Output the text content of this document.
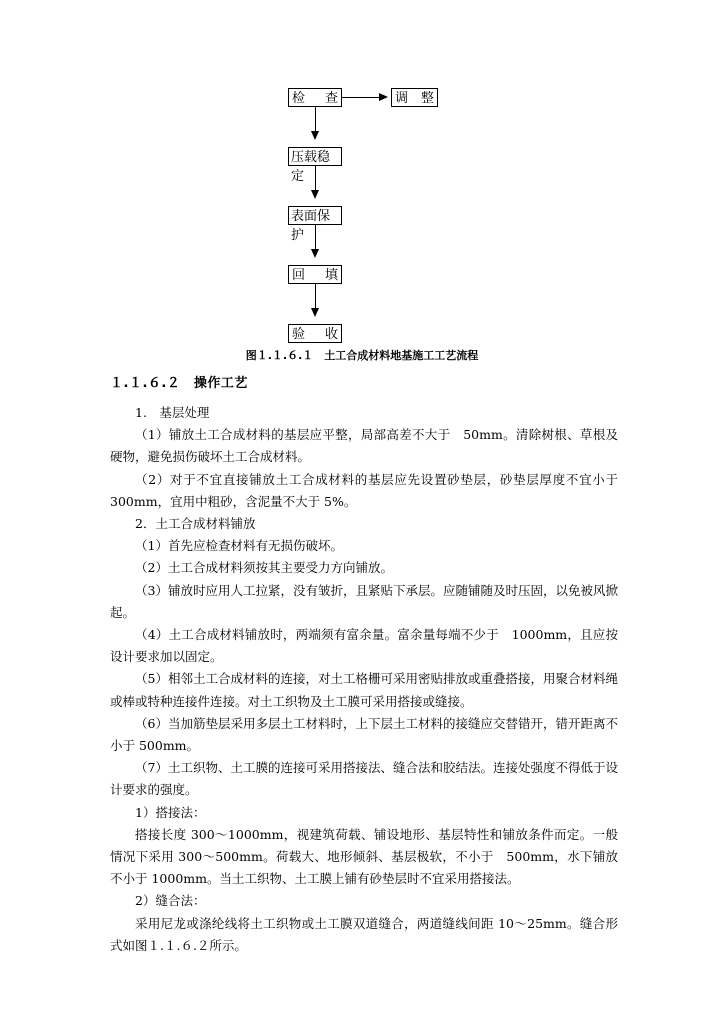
检 查	调 整
压载稳定
表面保护
回 填
验 收
图１.１.６.１　土工合成材料地基施工工艺流程
１.１.６.２　操作工艺

1.　基层处理

（1）铺放土工合成材料的基层应平整，局部高差不大于　50mm。清除树根、草根及硬物，避免损伤破坏土工合成材料。

（2）对于不宜直接铺放土工合成材料的基层应先设置砂垫层，砂垫层厚度不宜小于 300mm，宜用中粗砂，含泥量不大于 5%。

2．土工合成材料铺放

（1）首先应检查材料有无损伤破坏。

（2）土工合成材料须按其主要受力方向铺放。

（3）铺放时应用人工拉紧，没有皱折，且紧贴下承层。应随铺随及时压固，以免被风掀起。

（4）土工合成材料铺放时，两端须有富余量。富余量每端不少于　1000mm，且应按设计要求加以固定。

（5）相邻土工合成材料的连接，对土工格栅可采用密贴排放或重叠搭接，用聚合材料绳或棒或特种连接件连接。对土工织物及土工膜可采用搭接或缝接。

（6）当加筋垫层采用多层土工材料时，上下层土工材料的接缝应交替错开，错开距离不小于 500mm。

（7）土工织物、土工膜的连接可采用搭接法、缝合法和胶结法。连接处强度不得低于设计要求的强度。

1）搭接法：

搭接长度 300～1000mm，视建筑荷载、铺设地形、基层特性和铺放条件而定。一般情况下采用 300～500mm。荷载大、地形倾斜、基层极软，不小于　500mm，水下铺放不小于 1000mm。当土工织物、土工膜上铺有砂垫层时不宜采用搭接法。

2）缝合法：

采用尼龙或涤纶线将土工织物或土工膜双道缝合，两道缝线间距 10～25mm。缝合形式如图１.１.６.２所示。
